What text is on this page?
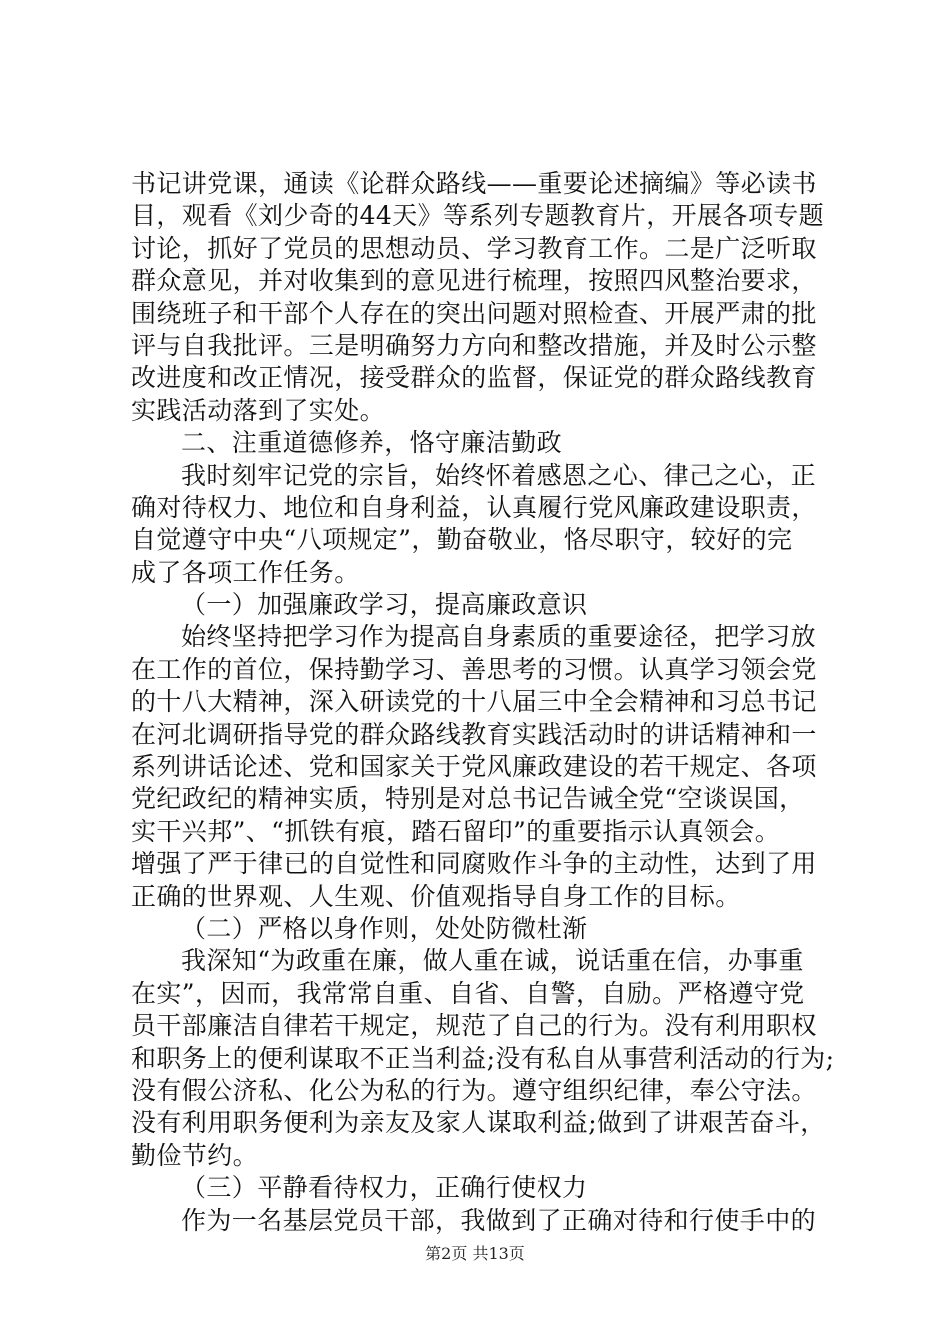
书记讲党课，通读《论群众路线——重要论述摘编》等必读书
目，观看《刘少奇的44天》等系列专题教育片，开展各项专题
讨论，抓好了党员的思想动员、学习教育工作。二是广泛听取
群众意见，并对收集到的意见进行梳理，按照四风整治要求，
围绕班子和干部个人存在的突出问题对照检查、开展严肃的批
评与自我批评。三是明确努力方向和整改措施，并及时公示整
改进度和改正情况，接受群众的监督，保证党的群众路线教育
实践活动落到了实处。
二、注重道德修养，恪守廉洁勤政
我时刻牢记党的宗旨，始终怀着感恩之心、律己之心，正
确对待权力、地位和自身利益，认真履行党风廉政建设职责，
自觉遵守中央“八项规定”，勤奋敬业，恪尽职守，较好的完
成了各项工作任务。
（一）加强廉政学习，提高廉政意识
始终坚持把学习作为提高自身素质的重要途径，把学习放
在工作的首位，保持勤学习、善思考的习惯。认真学习领会党
的十八大精神，深入研读党的十八届三中全会精神和习总书记
在河北调研指导党的群众路线教育实践活动时的讲话精神和一
系列讲话论述、党和国家关于党风廉政建设的若干规定、各项
党纪政纪的精神实质，特别是对总书记告诫全党“空谈误国，
实干兴邦”、“抓铁有痕，踏石留印”的重要指示认真领会。
增强了严于律已的自觉性和同腐败作斗争的主动性，达到了用
正确的世界观、人生观、价值观指导自身工作的目标。
（二）严格以身作则，处处防微杜渐
我深知“为政重在廉，做人重在诚，说话重在信，办事重
在实”，因而，我常常自重、自省、自警，自励。严格遵守党
员干部廉洁自律若干规定，规范了自己的行为。没有利用职权
和职务上的便利谋取不正当利益;没有私自从事营利活动的行为;
没有假公济私、化公为私的行为。遵守组织纪律，奉公守法。
没有利用职务便利为亲友及家人谋取利益;做到了讲艰苦奋斗，
勤俭节约。
（三）平静看待权力，正确行使权力
作为一名基层党员干部，我做到了正确对待和行使手中的
第2页 共13页
